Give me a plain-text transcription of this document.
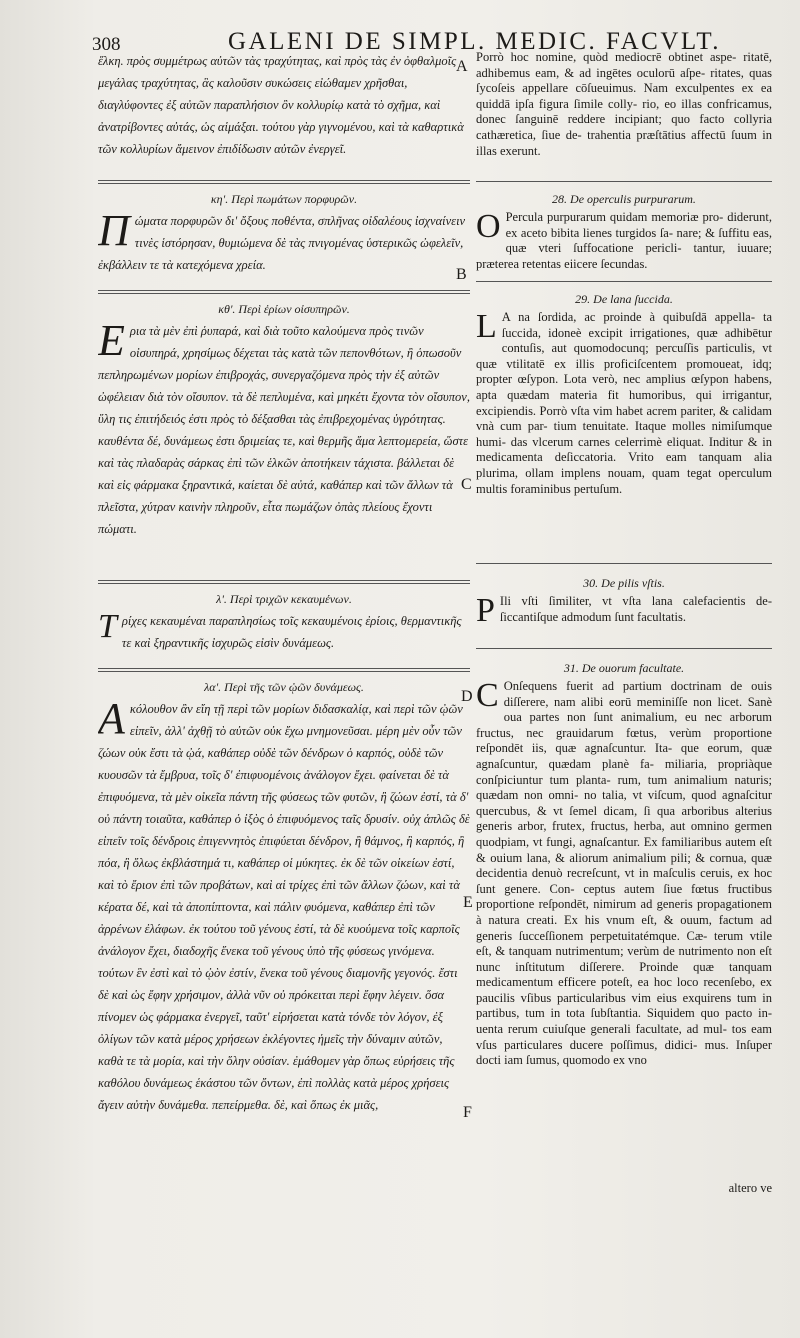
308	GALENI DE SIMPL. MEDIC. FACVLT.
A
B
C
D
E
F
ἕλκη. πρὸς συμμέτρως αὐτῶν τὰς τραχύτητας, καὶ πρὸς τὰς ἐν ὀφθαλμοῖς μεγάλας τραχύτητας, ἃς καλοῦσιν συκώσεις εἰώθαμεν χρῆσθαι, διαγλύφοντες ἐξ αὐτῶν παραπλήσιον ὂν κολλυρίῳ κατὰ τὸ σχῆμα, καὶ ἀνατρίβοντες αὐτάς, ὡς αἱμάξαι. τούτου γὰρ γιγνομένου, καὶ τὰ καθαρτικὰ τῶν κολλυρίων ἄμεινον ἐπιδίδωσιν αὐτῶν ἐνεργεῖ.
κη'. Περὶ πωμάτων πορφυρῶν.
Π ώματα πορφυρῶν δι' ὄξους ποθέντα, σπλῆνας οἰδαλέους ἰσχναίνειν τινὲς ἱστόρησαν, θυμιώμενα δὲ τὰς πνιγομένας ὑστερικῶς ὠφελεῖν, ἐκβάλλειν τε τὰ κατεχόμενα χρεία.
κθ'. Περὶ ἐρίων οἰσυπηρῶν.
Ε ρια τὰ μὲν ἐπὶ ῥυπαρά, καὶ διὰ τοῦτο καλούμενα πρὸς τινῶν οἰσυπηρά, χρησίμως δέχεται τὰς κατὰ τῶν πεπονθότων, ἢ ὁπωσοῦν πεπληρωμένων μορίων ἐπιβροχάς, συνεργαζόμενα πρὸς τὴν ἐξ αὐτῶν ὠφέλειαν διὰ τὸν οἴσυπον. τὰ δὲ πεπλυμένα, καὶ μηκέτι ἔχοντα τὸν οἴσυπον, ὕλη τις ἐπιτήδειός ἐστι πρὸς τὸ δέξασθαι τὰς ἐπιβρεχομένας ὑγρότητας. καυθέντα δέ, δυνάμεως ἐστι δριμείας τε, καὶ θερμῆς ἅμα λεπτομερεία, ὥστε καὶ τὰς πλαδαρὰς σάρκας ἐπὶ τῶν ἑλκῶν ἀποτήκειν τάχιστα. βάλλεται δὲ καὶ εἰς φάρμακα ξηραντικά, καίεται δὲ αὐτά, καθάπερ καὶ τῶν ἄλλων τὰ πλεῖστα, χύτραν καινὴν πληροῦν, εἶτα πωμάζων ὀπὰς πλείους ἔχοντι πώματι.
λ'. Περὶ τριχῶν κεκαυμένων.
Τ ρίχες κεκαυμέναι παραπλησίως τοῖς κεκαυμένοις ἐρίοις, θερμαντικῆς τε καὶ ξηραντικῆς ἰσχυρῶς εἰσὶν δυνάμεως.
λα'. Περὶ τῆς τῶν ᾠῶν δυνάμεως.
Α κόλουθον ἂν εἴη τῇ περὶ τῶν μορίων διδασκαλίᾳ, καὶ περὶ τῶν ᾠῶν εἰπεῖν, ἀλλ' ἀχθῇ τὸ αὐτῶν οὐκ ἔχω μνημονεῦσαι. μέρη μὲν οὖν τῶν ζώων οὐκ ἔστι τὰ ᾠά, καθάπερ οὐδὲ τῶν δένδρων ὁ καρπός, οὐδὲ τῶν κυουσῶν τὰ ἔμβρυα, τοῖς δ' ἐπιφυομένοις ἀνάλογον ἔχει. φαίνεται δὲ τὰ ἐπιφυόμενα, τὰ μὲν οἰκεῖα πάντη τῆς φύσεως τῶν φυτῶν, ἢ ζώων ἐστί, τὰ δ' οὐ πάντη τοιαῦτα, καθάπερ ὁ ἰξὸς ὁ ἐπιφυόμενος ταῖς δρυσίν. οὐχ ἁπλῶς δὲ εἰπεῖν τοῖς δένδροις ἐπιγεννητὸς ἐπιφύεται δένδρον, ἢ θάμνος, ἢ καρπός, ἢ πόα, ἢ ὅλως ἐκβλάστημά τι, καθάπερ οἱ μύκητες. ἐκ δὲ τῶν οἰκείων ἐστί, καὶ τὸ ἔριον ἐπὶ τῶν προβάτων, καὶ αἱ τρίχες ἐπὶ τῶν ἄλλων ζώων, καὶ τὰ κέρατα δέ, καὶ τὰ ἀποπίπτοντα, καὶ πάλιν φυόμενα, καθάπερ ἐπὶ τῶν ἀρρένων ἐλάφων. ἐκ τούτου τοῦ γένους ἐστί, τὰ δὲ κυούμενα τοῖς καρποῖς ἀνάλογον ἔχει, διαδοχῆς ἕνεκα τοῦ γένους ὑπὸ τῆς φύσεως γινόμενα. τούτων ἓν ἐστὶ καὶ τὸ ᾠὸν ἐστίν, ἕνεκα τοῦ γένους διαμονῆς γεγονός. ἔστι δὲ καὶ ὡς ἔφην χρήσιμον, ἀλλὰ νῦν οὐ πρόκειται περὶ ἔφην λέγειν. ὅσα πίνομεν ὡς φάρμακα ἐνεργεῖ, ταῦτ' εἰρήσεται κατὰ τόνδε τὸν λόγον, ἐξ ὀλίγων τῶν κατὰ μέρος χρήσεων ἐκλέγοντες ἡμεῖς τὴν δύναμιν αὐτῶν, καθὰ τε τὰ μορία, καὶ τὴν ὅλην οὐσίαν. ἐμάθομεν γὰρ ὅπως εὑρήσεις τῆς καθόλου δυνάμεως ἑκάστου τῶν ὄντων, ἐπὶ πολλὰς κατὰ μέρος χρήσεις ἄγειν αὐτὴν δυνάμεθα. πεπείρμεθα. δὲ, καὶ ὅπως ἐκ μιᾶς,
Porrò hoc nomine, quòd mediocrē obtinet aspe- ritatē, adhibemus eam, & ad ingētes oculorū aſpe- ritates, quas ſycoſeis appellare cōſueuimus. Nam exculpentes ex ea quiddā ipſa figura ſimile colly- rio, eo illas confricamus, donec ſanguinē reddere incipiant; quo facto collyria cathæretica, ſiue de- trahentia præſtātius affectū ſuum in illas exerunt.
28. De operculis purpurarum.
O Percula purpurarum quidam memoriæ pro- diderunt, ex aceto bibita lienes turgidos ſa- nare; & ſuffitu eas, quæ vteri ſuffocatione pericli- tantur, iuuare; præterea retentas eiicere ſecundas.
29. De lana ſuccida.
L A na ſordida, ac proinde à quibuſdā appella- ta ſuccida, idoneè excipit irrigationes, quæ adhibētur contuſis, aut quomodocunq; percuſſis particulis, vt quæ vtilitatē ex illis proficiſcentem promoueat, idq; propter œſypon. Lota verò, nec amplius œſypon habens, apta quædam materia fit humoribus, qui irrigantur, excipiendis. Porrò vſta vim habet acrem pariter, & calidam vnà cum par- tium tenuitate. Itaque molles nimiſumque humi- das vlcerum carnes celerrimè eliquat. Inditur & in medicamenta deſiccatoria. Vrito eam tanquam alia plurima, ollam implens nouam, quam tegat operculum multis foraminibus pertuſum.
30. De pilis vſtis.
P Ili vſti ſimiliter, vt vſta lana calefacientis de- ſiccantiſque admodum ſunt facultatis.
31. De ouorum facultate.
C Onſequens fuerit ad partium doctrinam de ouis diſſerere, nam alibi eorū meminiſſe non licet. Sanè oua partes non ſunt animalium, eu nec arborum fructus, nec grauidarum fœtus, verùm proportione reſpondēt iis, quæ agnaſcuntur. Ita- que eorum, quæ agnaſcuntur, quædam planè fa- miliaria, propriàque conſpiciuntur tum planta- rum, tum animalium naturis; quædam non omni- no talia, vt viſcum, quod agnaſcitur quercubus, & vt ſemel dicam, ſi qua arboribus alterius generis arbor, frutex, fructus, herba, aut omnino germen quodpiam, vt fungi, agnaſcantur. Ex familiaribus autem eſt & ouium lana, & aliorum animalium pili; & cornua, quæ decidentia denuò recreſcunt, vt in maſculis ceruis, ex hoc ſunt genere. Con- ceptus autem ſiue fœtus fructibus proportione reſpondēt, nimirum ad generis propagationem à natura creati. Ex his vnum eſt, & ouum, factum ad generis ſucceſſionem perpetuitatémque. Cæ- terum vtile eſt, & tanquam nutrimentum; verùm de nutrimento non eſt nunc inſtitutum diſſerere. Proinde quæ tanquam medicamentum efficere poteſt, ea hoc loco recenſebo, ex paucilis vſibus particularibus vim eius exquirens tum in partibus, tum in tota ſubſtantia. Siquidem quo pacto in- uenta rerum cuiuſque generali facultate, ad mul- tos eam vſus particulares ducere poſſimus, didici- mus. Inſuper docti iam ſumus, quomodo ex vno
altero ve
